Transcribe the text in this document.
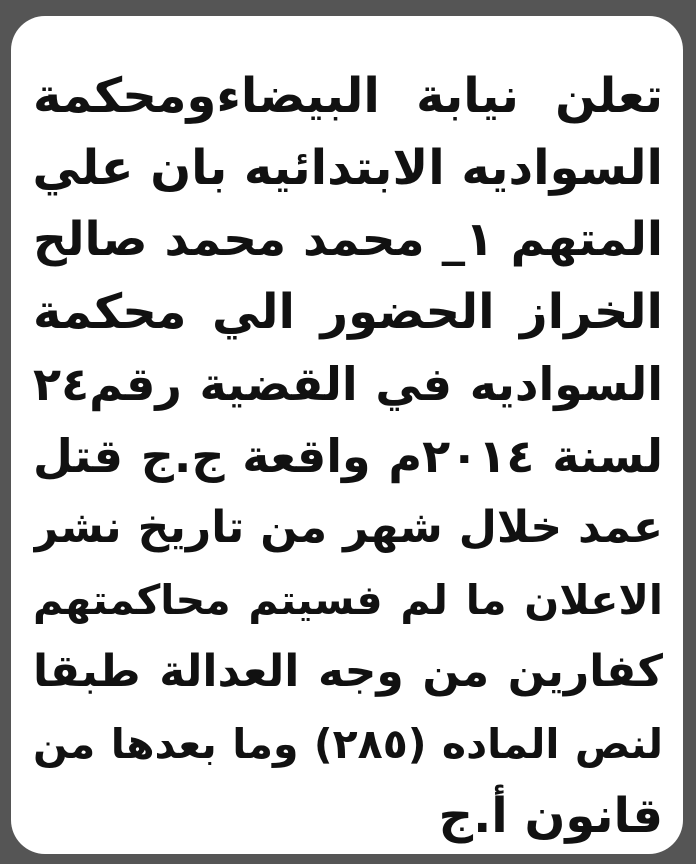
تعلن نيابة البيضاءومحكمة
السواديه الابتدائيه بان علي
المتهم ١_ محمد محمد صالح
الخراز الحضور الي محكمة
السواديه في القضية رقم٢٤
لسنة ٢٠١٤م واقعة ج.ج قتل
عمد خلال شهر من تاريخ نشر
الاعلان ما لم فسيتم محاكمتهم
كفارين من وجه العدالة طبقا
لنص الماده (٢٨٥) وما بعدها من
قانون أ.ج
